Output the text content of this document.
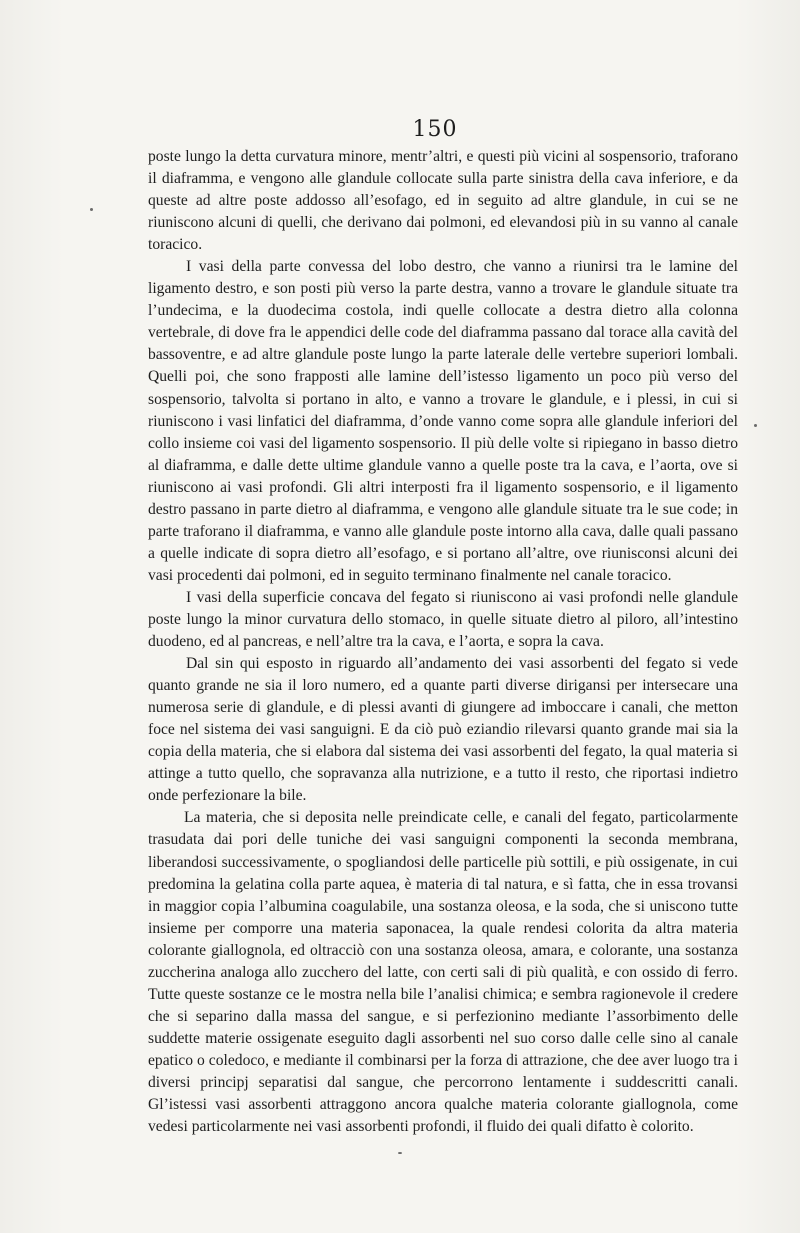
150

poste lungo la detta curvatura minore, mentr’altri, e questi più vicini al sospensorio, traforano il diaframma, e vengono alle glandule collocate sulla parte sinistra della cava inferiore, e da queste ad altre poste addosso all’esofago, ed in seguito ad altre glandule, in cui se ne riuniscono alcuni di quelli, che derivano dai polmoni, ed elevandosi più in su vanno al canale toracico.

I vasi della parte convessa del lobo destro, che vanno a riunirsi tra le lamine del ligamento destro, e son posti più verso la parte destra, vanno a trovare le glandule situate tra l’undecima, e la duodecima costola, indi quelle collocate a destra dietro alla colonna vertebrale, di dove fra le appendici delle code del diaframma passano dal torace alla cavità del bassoventre, e ad altre glandule poste lungo la parte laterale delle vertebre superiori lombali. Quelli poi, che sono frapposti alle lamine dell’istesso ligamento un poco più verso del sospensorio, talvolta si portano in alto, e vanno a trovare le glandule, e i plessi, in cui si riuniscono i vasi linfatici del diaframma, d’onde vanno come sopra alle glandule inferiori del collo insieme coi vasi del ligamento sospensorio. Il più delle volte si ripiegano in basso dietro al diaframma, e dalle dette ultime glandule vanno a quelle poste tra la cava, e l’aorta, ove si riuniscono ai vasi profondi. Gli altri interposti fra il ligamento sospensorio, e il ligamento destro passano in parte dietro al diaframma, e vengono alle glandule situate tra le sue code; in parte traforano il diaframma, e vanno alle glandule poste intorno alla cava, dalle quali passano a quelle indicate di sopra dietro all’esofago, e si portano all’altre, ove riunisconsi alcuni dei vasi procedenti dai polmoni, ed in seguito terminano finalmente nel canale toracico.

I vasi della superficie concava del fegato si riuniscono ai vasi profondi nelle glandule poste lungo la minor curvatura dello stomaco, in quelle situate dietro al piloro, all’intestino duodeno, ed al pancreas, e nell’altre tra la cava, e l’aorta, e sopra la cava.

Dal sin qui esposto in riguardo all’andamento dei vasi assorbenti del fegato si vede quanto grande ne sia il loro numero, ed a quante parti diverse dirigansi per intersecare una numerosa serie di glandule, e di plessi avanti di giungere ad imboccare i canali, che metton foce nel sistema dei vasi sanguigni. E da ciò può eziandio rilevarsi quanto grande mai sia la copia della materia, che si elabora dal sistema dei vasi assorbenti del fegato, la qual materia si attinge a tutto quello, che sopravanza alla nutrizione, e a tutto il resto, che riportasi indietro onde perfezionare la bile.

La materia, che si deposita nelle preindicate celle, e canali del fegato, particolarmente trasudata dai pori delle tuniche dei vasi sanguigni componenti la seconda membrana, liberandosi successivamente, o spogliandosi delle particelle più sottili, e più ossigenate, in cui predomina la gelatina colla parte aquea, è materia di tal natura, e sì fatta, che in essa trovansi in maggior copia l’albumina coagulabile, una sostanza oleosa, e la soda, che si uniscono tutte insieme per comporre una materia saponacea, la quale rendesi colorita da altra materia colorante giallognola, ed oltracciò con una sostanza oleosa, amara, e colorante, una sostanza zuccherina analoga allo zucchero del latte, con certi sali di più qualità, e con ossido di ferro. Tutte queste sostanze ce le mostra nella bile l’analisi chimica; e sembra ragionevole il credere che si separino dalla massa del sangue, e si perfezionino mediante l’assorbimento delle suddette materie ossigenate eseguito dagli assorbenti nel suo corso dalle celle sino al canale epatico o coledoco, e mediante il combinarsi per la forza di attrazione, che dee aver luogo tra i diversi principj separatisi dal sangue, che percorrono lentamente i suddescritti canali. Gl’istessi vasi assorbenti attraggono ancora qualche materia colorante giallognola, come vedesi particolarmente nei vasi assorbenti profondi, il fluido dei quali difatto è colorito.
